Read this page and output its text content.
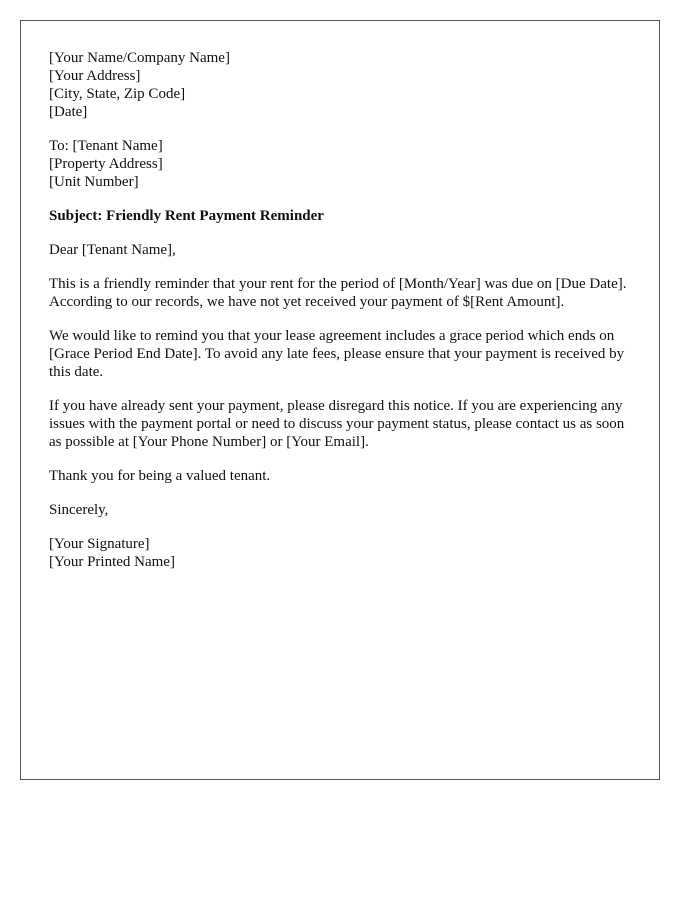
[Your Name/Company Name]
[Your Address]
[City, State, Zip Code]
[Date]
To: [Tenant Name]
[Property Address]
[Unit Number]

Subject: Friendly Rent Payment Reminder

Dear [Tenant Name],

This is a friendly reminder that your rent for the period of [Month/Year] was due on [Due Date]. According to our records, we have not yet received your payment of $[Rent Amount].

We would like to remind you that your lease agreement includes a grace period which ends on [Grace Period End Date]. To avoid any late fees, please ensure that your payment is received by this date.

If you have already sent your payment, please disregard this notice. If you are experiencing any issues with the payment portal or need to discuss your payment status, please contact us as soon as possible at [Your Phone Number] or [Your Email].

Thank you for being a valued tenant.

Sincerely,

[Your Signature]
[Your Printed Name]
